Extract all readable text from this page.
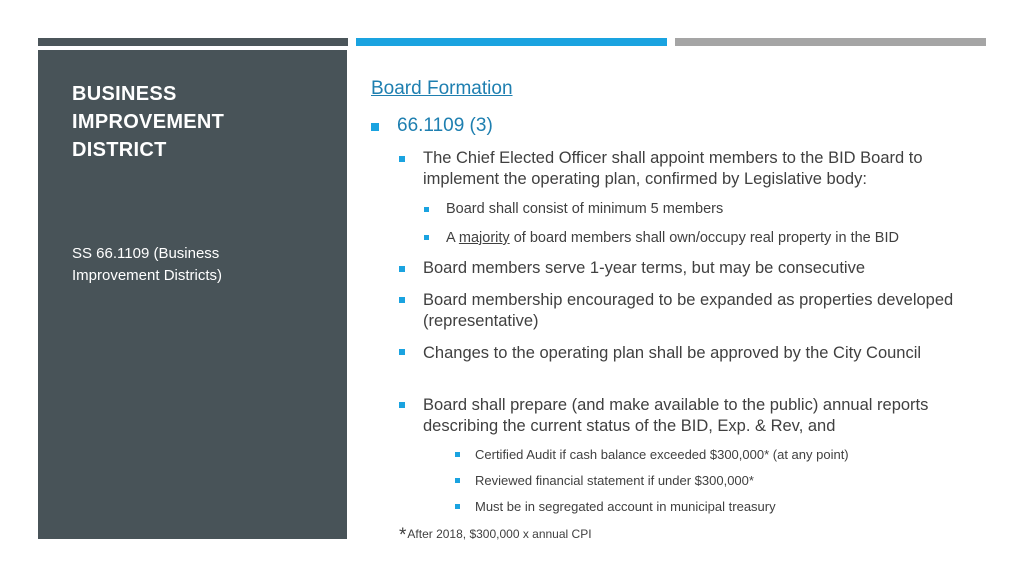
BUSINESS
IMPROVEMENT
DISTRICT
SS 66.1109 (Business
Improvement Districts)
Board Formation
66.1109 (3)
The Chief Elected Officer shall appoint members to the BID Board to implement the operating plan, confirmed by Legislative body:
Board shall consist of minimum 5 members
A majority of board members shall own/occupy real property in the BID
Board members serve 1-year terms, but may be consecutive
Board membership encouraged to be expanded as properties developed (representative)
Changes to the operating plan shall be approved by the City Council
Board shall prepare (and make available to the public) annual reports describing the current status of the BID, Exp. & Rev, and
Certified Audit if cash balance exceeded $300,000* (at any point)
Reviewed financial statement if under $300,000*
Must be in segregated account in municipal treasury
*After 2018, $300,000 x annual CPI
